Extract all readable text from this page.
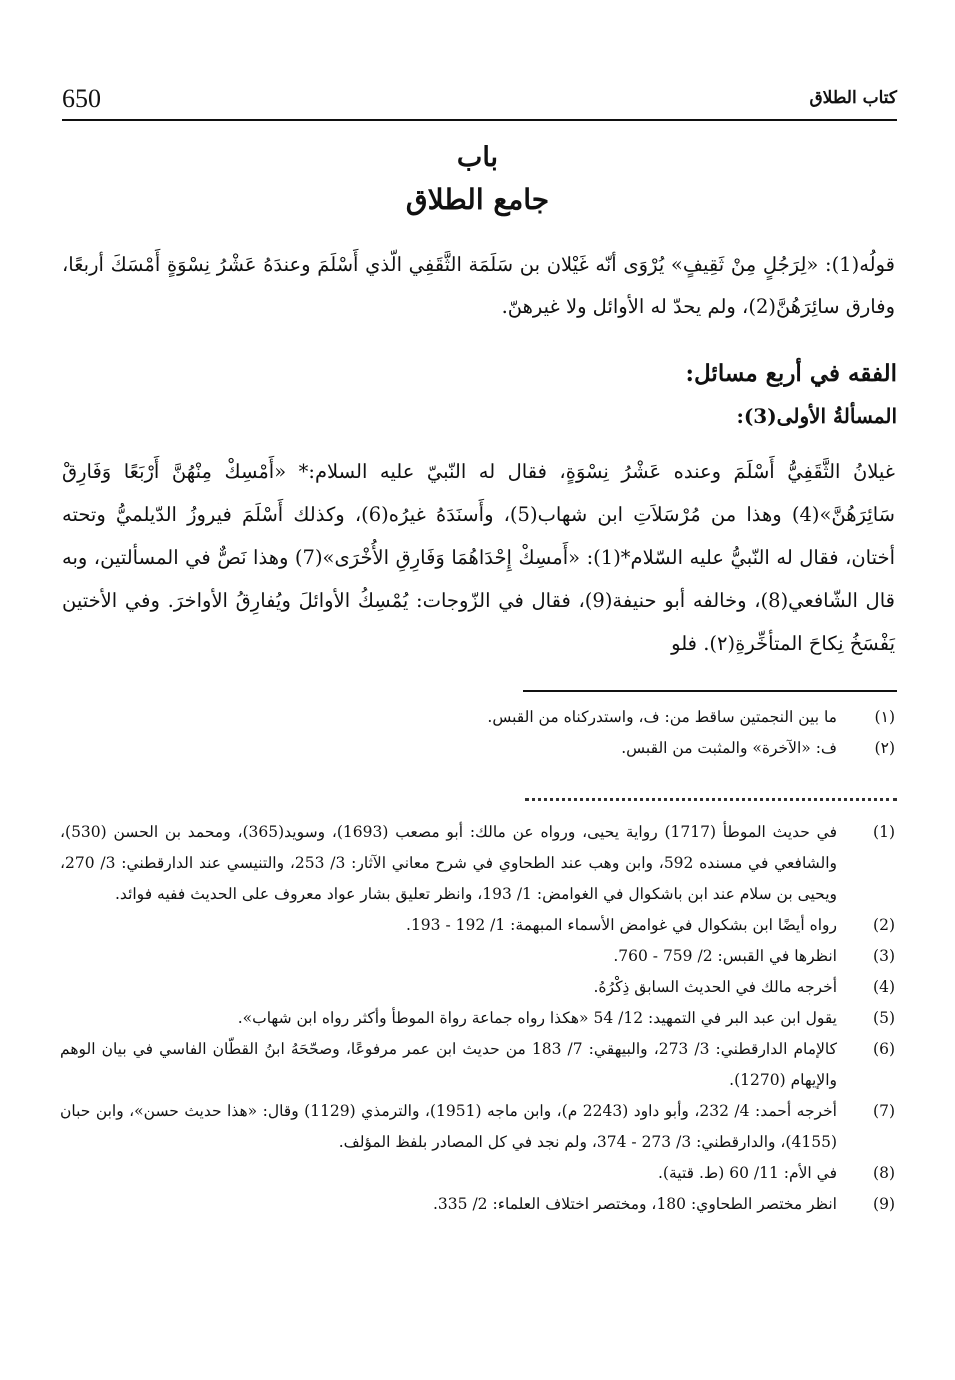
650	كتاب الطلاق
باب
جامع الطلاق

قولُه(1): «لِرَجُلٍ مِنْ ثَقِيفٍ» يُرْوَى أنّه غَيْلان بن سَلَمَة الثَّقَفِي الّذي أَسْلَمَ وعندَهُ عَشْرُ نِسْوَةٍ أَمْسَكَ أربعًا، وفارق سائِرَهُنَّ(2)، ولم يحدّ له الأوائل ولا غيرهنّ.

الفقه في أربع مسائل:
المسألةُ الأولى(3):

غيلانُ الثَّقَفِيُّ أَسْلَمَ وعنده عَشْرُ نِسْوَةٍ، فقال له النّبيّ عليه السلام:* «أَمْسِكْ مِنْهُنَّ أَرْبَعًا وَفَارِقْ سَائِرَهُنَّ»(4) وهذا من مُرْسَلاَتِ ابن شهاب(5)، وأَسنَدَهُ غيرُه(6)، وكذلك أَسْلَمَ فيروزُ الدّيلميُّ وتحته أختان، فقال له النّبيُّ عليه السّلام*(1): «أَمسِكْ إِحْدَاهُمَا وَفَارِقِ الأُخْرَى»(7) وهذا نَصٌّ في المسألتين، وبه قال الشّافعي(8)، وخالفه أبو حنيفة(9)، فقال في الزّوجات: يُمْسِكُ الأوائلَ ويُفارِقُ الأواخرَ. وفي الأختين يَفْسَخُ نِكاحَ المتأخِّرةِ(٢). فلو

(١)
ما بين النجمتين ساقط من: ف، واستدركناه من القبس.
(٢)
ف: «الآخرة» والمثبت من القبس.
(1)
في حديث الموطأ (1717) رواية يحيى، ورواه عن مالك: أبو مصعب (1693)، وسويد(365)، ومحمد بن الحسن (530)، والشافعي في مسنده 592، وابن وهب عند الطحاوي في شرح معاني الآثار: 3/ 253، والتنيسي عند الدارقطني: 3/ 270، ويحيى بن سلام عند ابن باشكوال في الغوامض: 1/ 193، وانظر تعليق بشار عواد معروف على الحديث ففيه فوائد.
(2)
رواه أيضًا ابن بشكوال في غوامض الأسماء المبهمة: 1/ 192 - 193.
(3)
انظرها في القبس: 2/ 759 - 760.
(4)
أخرجه مالك في الحديث السابق ذِكْرُهُ.
(5)
يقول ابن عبد البر في التمهيد: 12/ 54 «هكذا رواه جماعة رواة الموطأ وأكثر رواه ابن شهاب».
(6)
كالإمام الدارقطني: 3/ 273، والبيهقي: 7/ 183 من حديث ابن عمر مرفوعًا، وصحّحَهُ ابنُ القطّان الفاسي في بيان الوهم والإيهام (1270).
(7)
أخرجه أحمد: 4/ 232، وأبو داود (2243 م)، وابن ماجه (1951)، والترمذي (1129) وقال: «هذا حديث حسن»، وابن حبان (4155)، والدارقطني: 3/ 273 - 374، ولم نجد في كل المصادر بلفظ المؤلف.
(8)
في الأم: 11/ 60 (ط. قتية).
(9)
انظر مختصر الطحاوي: 180، ومختصر اختلاف العلماء: 2/ 335.
